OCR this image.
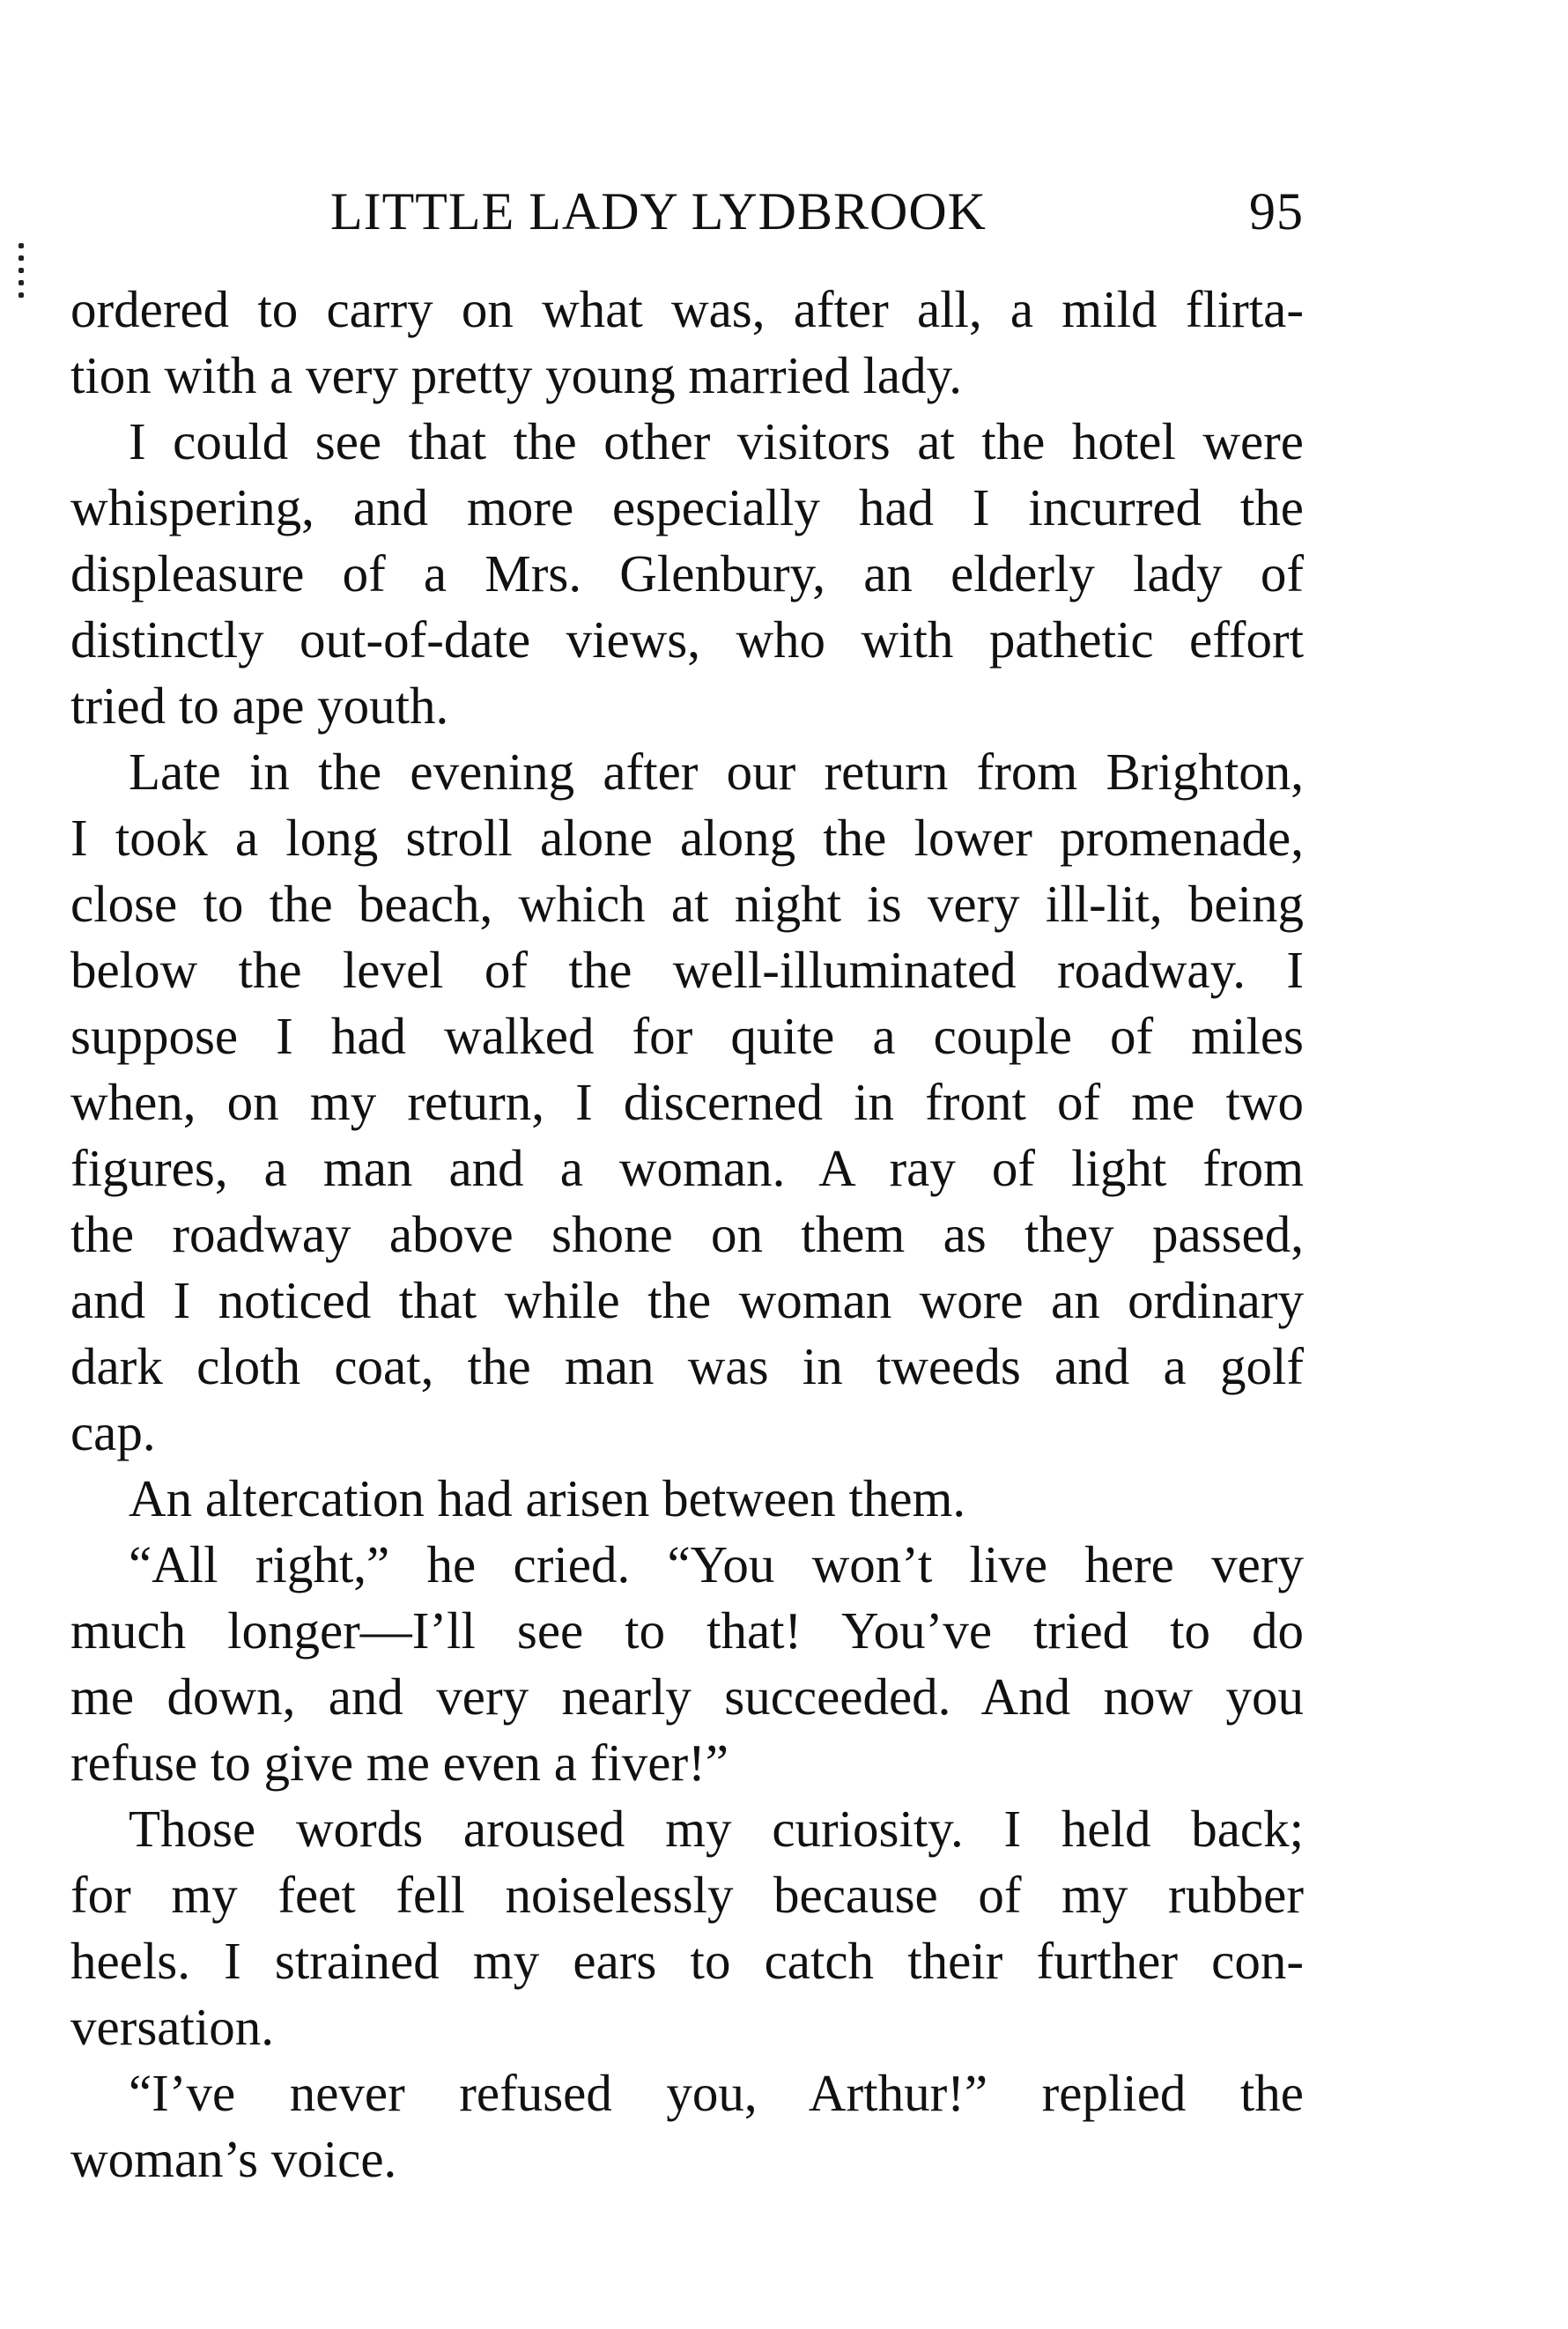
LITTLE LADY LYDBROOK	95
ordered to carry on what was, after all, a mild flirta-
tion with a very pretty young married lady.
I could see that the other visitors at the hotel were
whispering, and more especially had I incurred the
displeasure of a Mrs. Glenbury, an elderly lady of
distinctly out-of-date views, who with pathetic effort
tried to ape youth.
Late in the evening after our return from Brighton,
I took a long stroll alone along the lower promenade,
close to the beach, which at night is very ill-lit, being
below the level of the well-illuminated roadway. I
suppose I had walked for quite a couple of miles
when, on my return, I discerned in front of me two
figures, a man and a woman. A ray of light from
the roadway above shone on them as they passed,
and I noticed that while the woman wore an ordinary
dark cloth coat, the man was in tweeds and a golf
cap.
An altercation had arisen between them.
“All right,” he cried. “You won’t live here very
much longer—I’ll see to that! You’ve tried to do
me down, and very nearly succeeded. And now you
refuse to give me even a fiver!”
Those words aroused my curiosity. I held back;
for my feet fell noiselessly because of my rubber
heels. I strained my ears to catch their further con-
versation.
“I’ve never refused you, Arthur!” replied the
woman’s voice.
